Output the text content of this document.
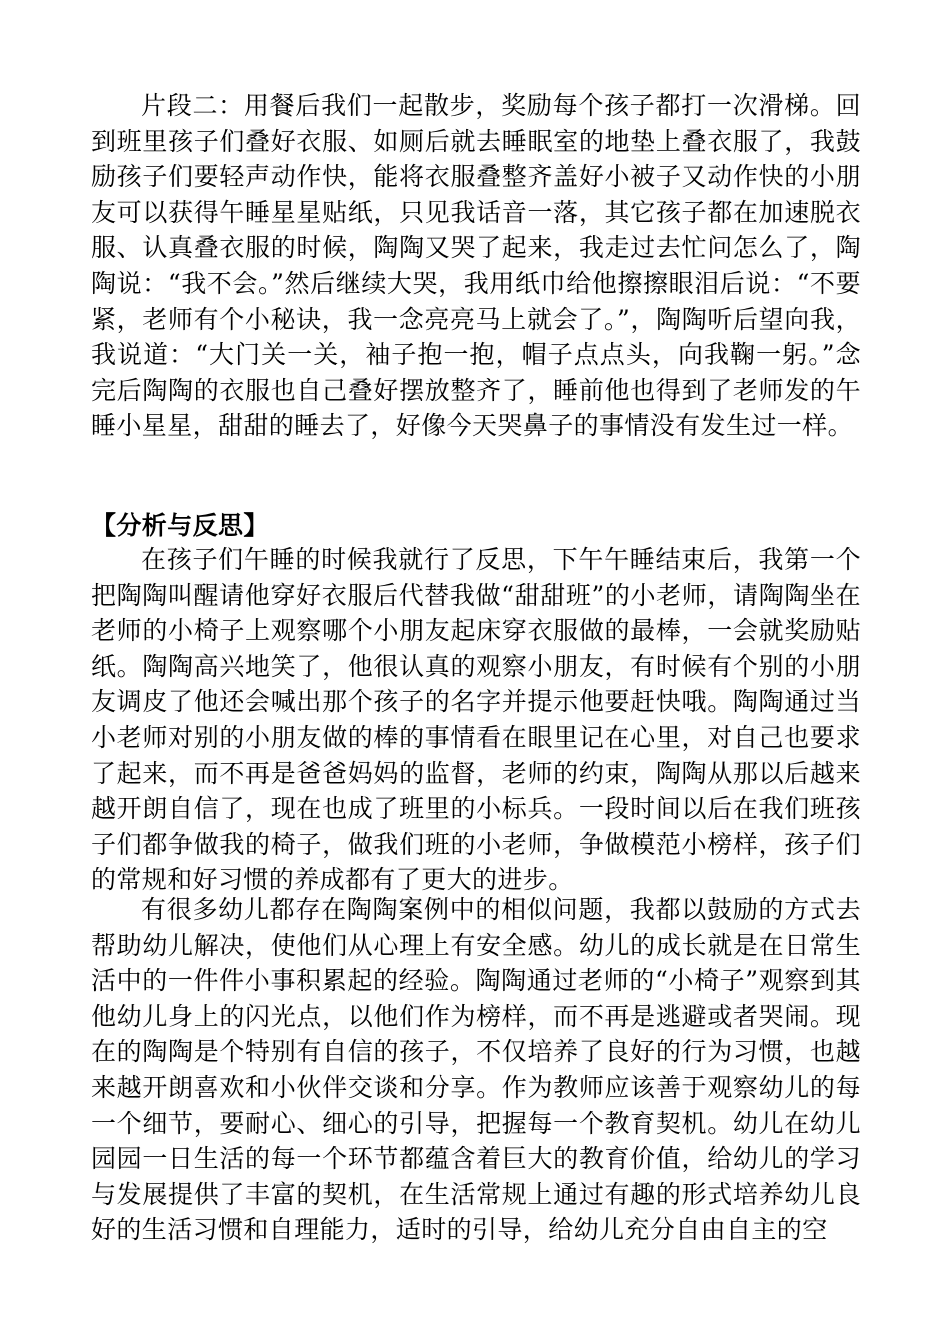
片段二：用餐后我们一起散步，奖励每个孩子都打一次滑梯。回到班里孩子们叠好衣服、如厕后就去睡眠室的地垫上叠衣服了，我鼓励孩子们要轻声动作快，能将衣服叠整齐盖好小被子又动作快的小朋友可以获得午睡星星贴纸，只见我话音一落，其它孩子都在加速脱衣服、认真叠衣服的时候，陶陶又哭了起来，我走过去忙问怎么了，陶陶说：“我不会。”然后继续大哭，我用纸巾给他擦擦眼泪后说：“不要紧，老师有个小秘诀，我一念亮亮马上就会了。”，陶陶听后望向我，我说道：“大门关一关，袖子抱一抱，帽子点点头，向我鞠一躬。”念完后陶陶的衣服也自己叠好摆放整齐了，睡前他也得到了老师发的午睡小星星，甜甜的睡去了，好像今天哭鼻子的事情没有发生过一样。

【分析与反思】

在孩子们午睡的时候我就行了反思，下午午睡结束后，我第一个把陶陶叫醒请他穿好衣服后代替我做“甜甜班”的小老师，请陶陶坐在老师的小椅子上观察哪个小朋友起床穿衣服做的最棒，一会就奖励贴纸。陶陶高兴地笑了，他很认真的观察小朋友，有时候有个别的小朋友调皮了他还会喊出那个孩子的名字并提示他要赶快哦。陶陶通过当小老师对别的小朋友做的棒的事情看在眼里记在心里，对自己也要求了起来，而不再是爸爸妈妈的监督，老师的约束，陶陶从那以后越来越开朗自信了，现在也成了班里的小标兵。一段时间以后在我们班孩子们都争做我的椅子，做我们班的小老师，争做模范小榜样，孩子们的常规和好习惯的养成都有了更大的进步。

有很多幼儿都存在陶陶案例中的相似问题，我都以鼓励的方式去帮助幼儿解决，使他们从心理上有安全感。幼儿的成长就是在日常生活中的一件件小事积累起的经验。陶陶通过老师的“小椅子”观察到其他幼儿身上的闪光点，以他们作为榜样，而不再是逃避或者哭闹。现在的陶陶是个特别有自信的孩子，不仅培养了良好的行为习惯，也越来越开朗喜欢和小伙伴交谈和分享。作为教师应该善于观察幼儿的每一个细节，要耐心、细心的引导，把握每一个教育契机。幼儿在幼儿园园一日生活的每一个环节都蕴含着巨大的教育价值，给幼儿的学习与发展提供了丰富的契机，在生活常规上通过有趣的形式培养幼儿良好的生活习惯和自理能力，适时的引导，给幼儿充分自由自主的空
